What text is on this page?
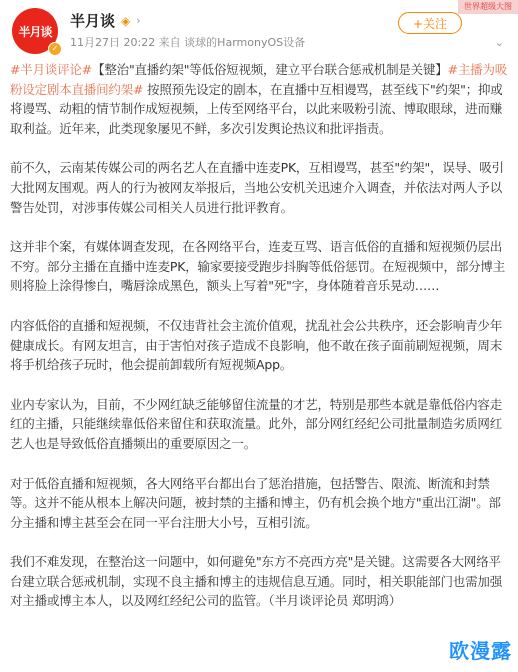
半月谈
✓
半月谈 ◈ ›
11月27日 20:22 来自 谈球的HarmonyOS设备
+关注
世界超级大图
⌄

#半月谈评论#【整治"直播约架"等低俗短视频，建立平台联合惩戒机制是关键】#主播为吸粉设定剧本直播间约架# 按照预先设定的剧本，在直播中互相谩骂，甚至线下"约架"；抑或将谩骂、动粗的情节制作成短视频，上传至网络平台，以此来吸粉引流、博取眼球，进而赚取利益。近年来，此类现象屡见不鲜，多次引发舆论热议和批评指责。

前不久，云南某传媒公司的两名艺人在直播中连麦PK，互相谩骂，甚至"约架"，误导、吸引大批网友围观。两人的行为被网友举报后，当地公安机关迅速介入调查，并依法对两人予以警告处罚，对涉事传媒公司相关人员进行批评教育。

这并非个案，有媒体调查发现，在各网络平台，连麦互骂、语言低俗的直播和短视频仍层出不穷。部分主播在直播中连麦PK，输家要接受跑步抖胸等低俗惩罚。在短视频中，部分博主则将脸上涂得惨白，嘴唇涂成黑色，额头上写着"死"字，身体随着音乐晃动……

内容低俗的直播和短视频，不仅违背社会主流价值观，扰乱社会公共秩序，还会影响青少年健康成长。有网友坦言，由于害怕对孩子造成不良影响，他不敢在孩子面前刷短视频，周末将手机给孩子玩时，他会提前卸载所有短视频App。

业内专家认为，目前，不少网红缺乏能够留住流量的才艺，特别是那些本就是靠低俗内容走红的主播，只能继续靠低俗来留住和获取流量。此外，部分网红经纪公司批量制造劣质网红艺人也是导致低俗直播频出的重要原因之一。

对于低俗直播和短视频，各大网络平台都出台了惩治措施，包括警告、限流、断流和封禁等。这并不能从根本上解决问题，被封禁的主播和博主，仍有机会换个地方"重出江湖"。部分主播和博主甚至会在同一平台注册大小号，互相引流。

我们不难发现，在整治这一问题中，如何避免"东方不亮西方亮"是关键。这需要各大网络平台建立联合惩戒机制，实现不良主播和博主的违规信息互通。同时，相关职能部门也需加强对主播或博主本人，以及网红经纪公司的监管。（半月谈评论员 郑明鸿）

欧漫露
